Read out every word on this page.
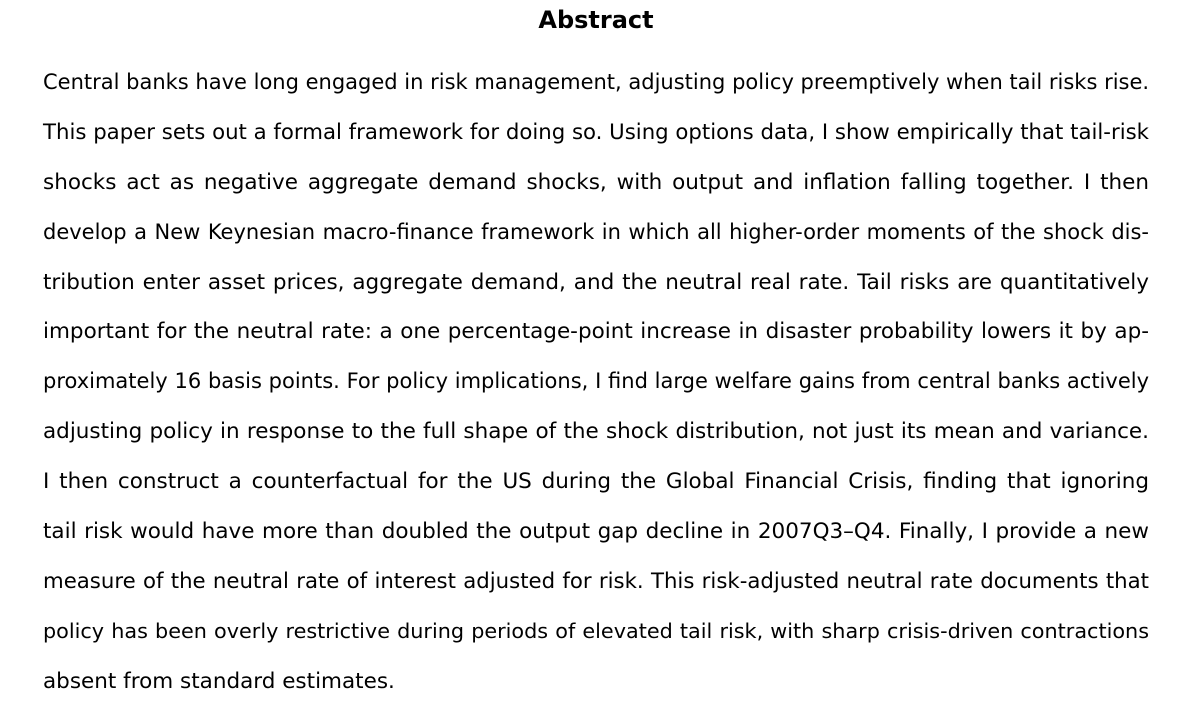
Abstract
Central banks have long engaged in risk management, adjusting policy preemptively when tail risks rise.
This paper sets out a formal framework for doing so. Using options data, I show empirically that tail-risk
shocks act as negative aggregate demand shocks, with output and inflation falling together. I then
develop a New Keynesian macro-finance framework in which all higher-order moments of the shock dis-
tribution enter asset prices, aggregate demand, and the neutral real rate. Tail risks are quantitatively
important for the neutral rate: a one percentage-point increase in disaster probability lowers it by ap-
proximately 16 basis points. For policy implications, I find large welfare gains from central banks actively
adjusting policy in response to the full shape of the shock distribution, not just its mean and variance.
I then construct a counterfactual for the US during the Global Financial Crisis, finding that ignoring
tail risk would have more than doubled the output gap decline in 2007Q3–Q4. Finally, I provide a new
measure of the neutral rate of interest adjusted for risk. This risk-adjusted neutral rate documents that
policy has been overly restrictive during periods of elevated tail risk, with sharp crisis-driven contractions
absent from standard estimates.
